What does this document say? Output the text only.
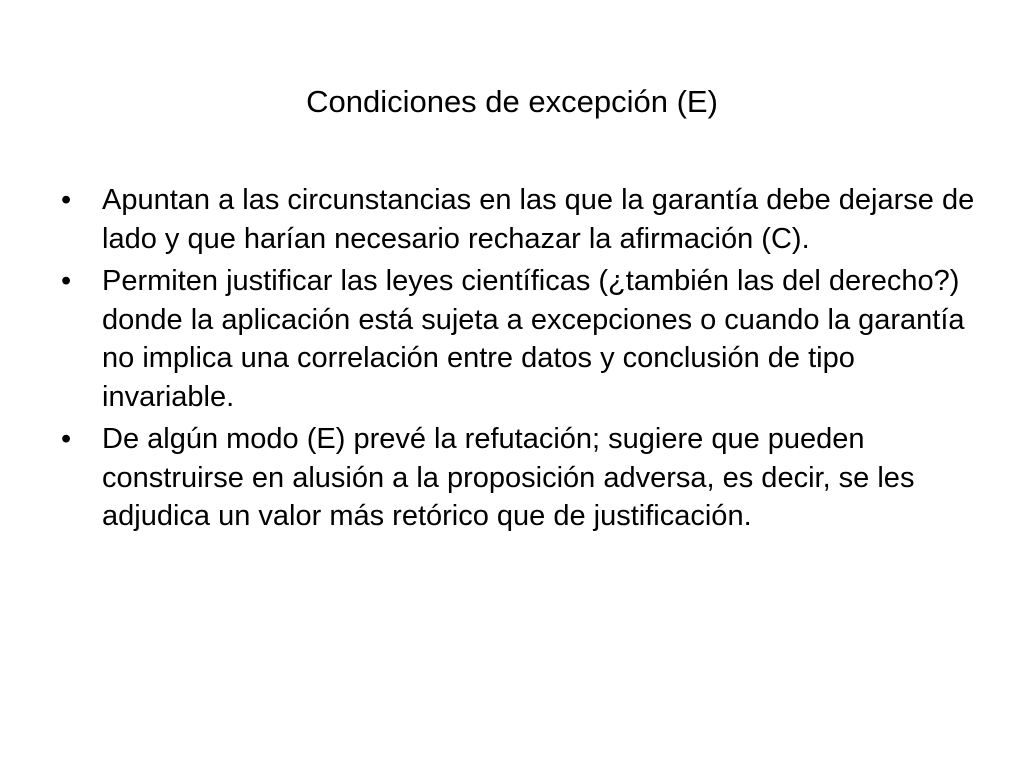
Condiciones de excepción (E)
• Apuntan a las circunstancias en las que la garantía debe dejarse de lado y que harían necesario rechazar la afirmación (C).
• Permiten justificar las leyes científicas (¿también las del derecho?) donde la aplicación está sujeta a excepciones o cuando la garantía no implica una correlación entre datos y conclusión de tipo invariable.
• De algún modo (E) prevé la refutación; sugiere que pueden construirse en alusión a la proposición adversa, es decir, se les adjudica un valor más retórico que de justificación.
